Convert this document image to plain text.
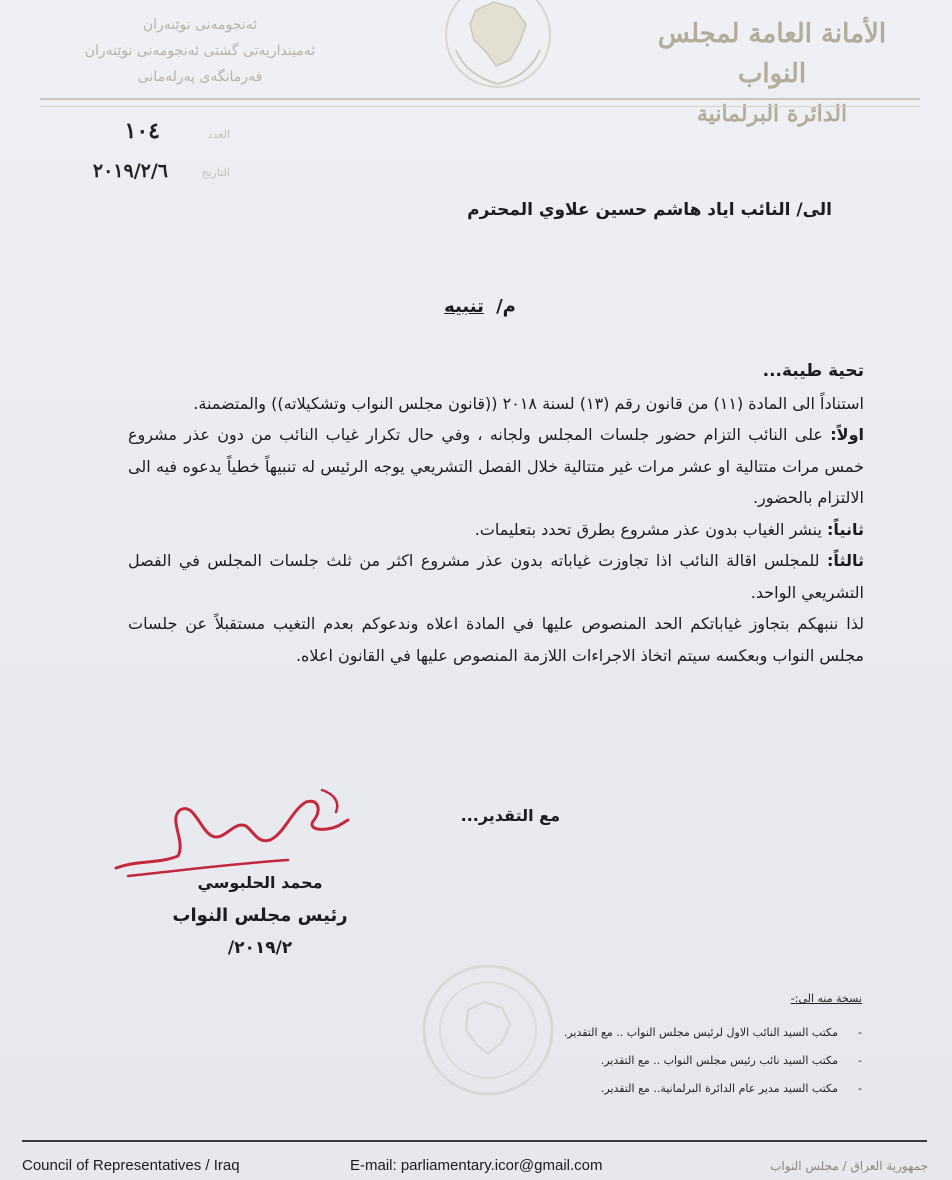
ئەنجومەنی نوێنەران
ئەمینداریەتی گشتی ئەنجومەنی نوێنەران
فەرمانگەی پەرلەمانی
الأمانة العامة لمجلس النواب
الدائرة البرلمانية
العدد
١٠٤
التاريخ
٢٠١٩/٢/٦
الى/ النائب اياد هاشم حسين علاوي المحترم
م/ تنبيه

تحية طيبة...

استناداً الى المادة (١١) من قانون رقم (١٣) لسنة ٢٠١٨ ((قانون مجلس النواب وتشكيلاته)) والمتضمنة.

اولاً: على النائب التزام حضور جلسات المجلس ولجانه ، وفي حال تكرار غياب النائب من دون عذر مشروع خمس مرات متتالية او عشر مرات غير متتالية خلال الفصل التشريعي يوجه الرئيس له تنبيهاً خطياً يدعوه فيه الى الالتزام بالحضور.

ثانياً: ينشر الغياب بدون عذر مشروع بطرق تحدد بتعليمات.

ثالثاً: للمجلس اقالة النائب اذا تجاوزت غياباته بدون عذر مشروع اكثر من ثلث جلسات المجلس في الفصل التشريعي الواحد.

لذا ننبهكم بتجاوز غياباتكم الحد المنصوص عليها في المادة اعلاه وندعوكم بعدم التغيب مستقبلاً عن جلسات مجلس النواب وبعكسه سيتم اتخاذ الاجراءات اللازمة المنصوص عليها في القانون اعلاه.

مع التقدير...
محمد الحلبوسي
رئيس مجلس النواب
٢٠١٩/٢/
نسخة منه الى:-
- مكتب السيد النائب الاول لرئيس مجلس النواب .. مع التقدير.
- مكتب السيد نائب رئيس مجلس النواب .. مع التقدير.
- مكتب السيد مدير عام الدائرة البرلمانية.. مع التقدير.
Council of Representatives / Iraq	E-mail: parliamentary.icor@gmail.com	جمهورية العراق / مجلس النواب
